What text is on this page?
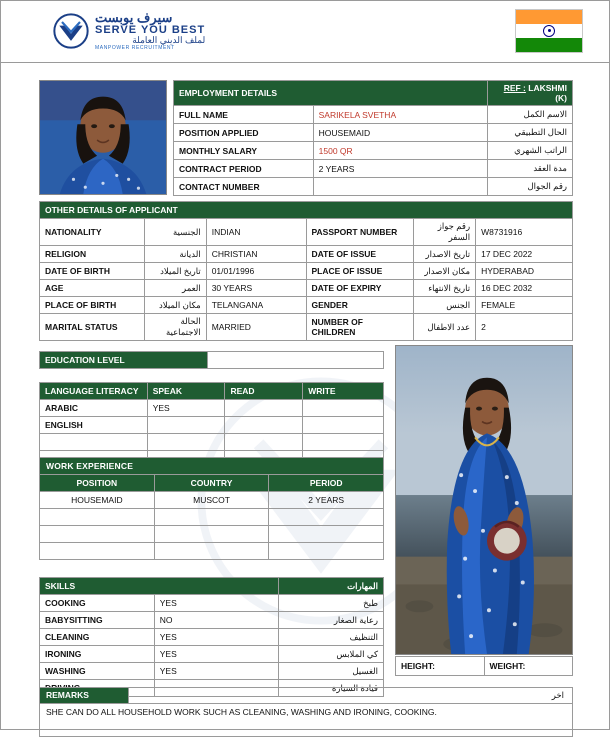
سيرف يوبست
SERVE YOU BEST
لملف الديني العاملة
MANPOWER RECRUITMENT
EMPLOYMENT DETAILS		REF : LAKSHMI (K)
FULL NAME	SARIKELA SVETHA	الاسم الكمل
POSITION APPLIED	HOUSEMAID	الحال التطبيقي
MONTHLY SALARY	1500 QR	الراتب الشهري
CONTRACT PERIOD	2 YEARS	مدة العقد
CONTACT NUMBER		رقم الجوال
OTHER DETAILS OF APPLICANT					
NATIONALITY	الجنسية	INDIAN	PASSPORT NUMBER	رقم جواز السفر	W8731916
RELIGION	الديانة	CHRISTIAN	DATE OF ISSUE	تاريخ الاصدار	17 DEC 2022
DATE OF BIRTH	تاريخ الميلاد	01/01/1996	PLACE OF ISSUE	مكان الاصدار	HYDERABAD
AGE	العمر	30 YEARS	DATE OF EXPIRY	تاريخ الانتهاء	16 DEC 2032
PLACE OF BIRTH	مكان الميلاد	TELANGANA	GENDER	الجنس	FEMALE
MARITAL STATUS	الحالة الاجتماعية	MARRIED	NUMBER OF CHILDREN	عدد الاطفال	2
EDUCATION LEVEL	
LANGUAGE LITERACY	SPEAK	READ	WRITE
ARABIC	YES		
ENGLISH			

WORK EXPERIENCE		
POSITION	COUNTRY	PERIOD
HOUSEMAID	MUSCOT	2 YEARS

SKILLS		المهارات
COOKING	YES	طبخ
BABYSITTING	NO	رعاية الصغار
CLEANING	YES	التنظيف
IRONING	YES	كي الملابس
WASHING	YES	الغسيل
		قيادة السيارة
HEIGHT:	WEIGHT:
REMARKS	اخر
SHE CAN DO ALL HOUSEHOLD WORK SUCH AS CLEANING, WASHING AND IRONING, COOKING.
